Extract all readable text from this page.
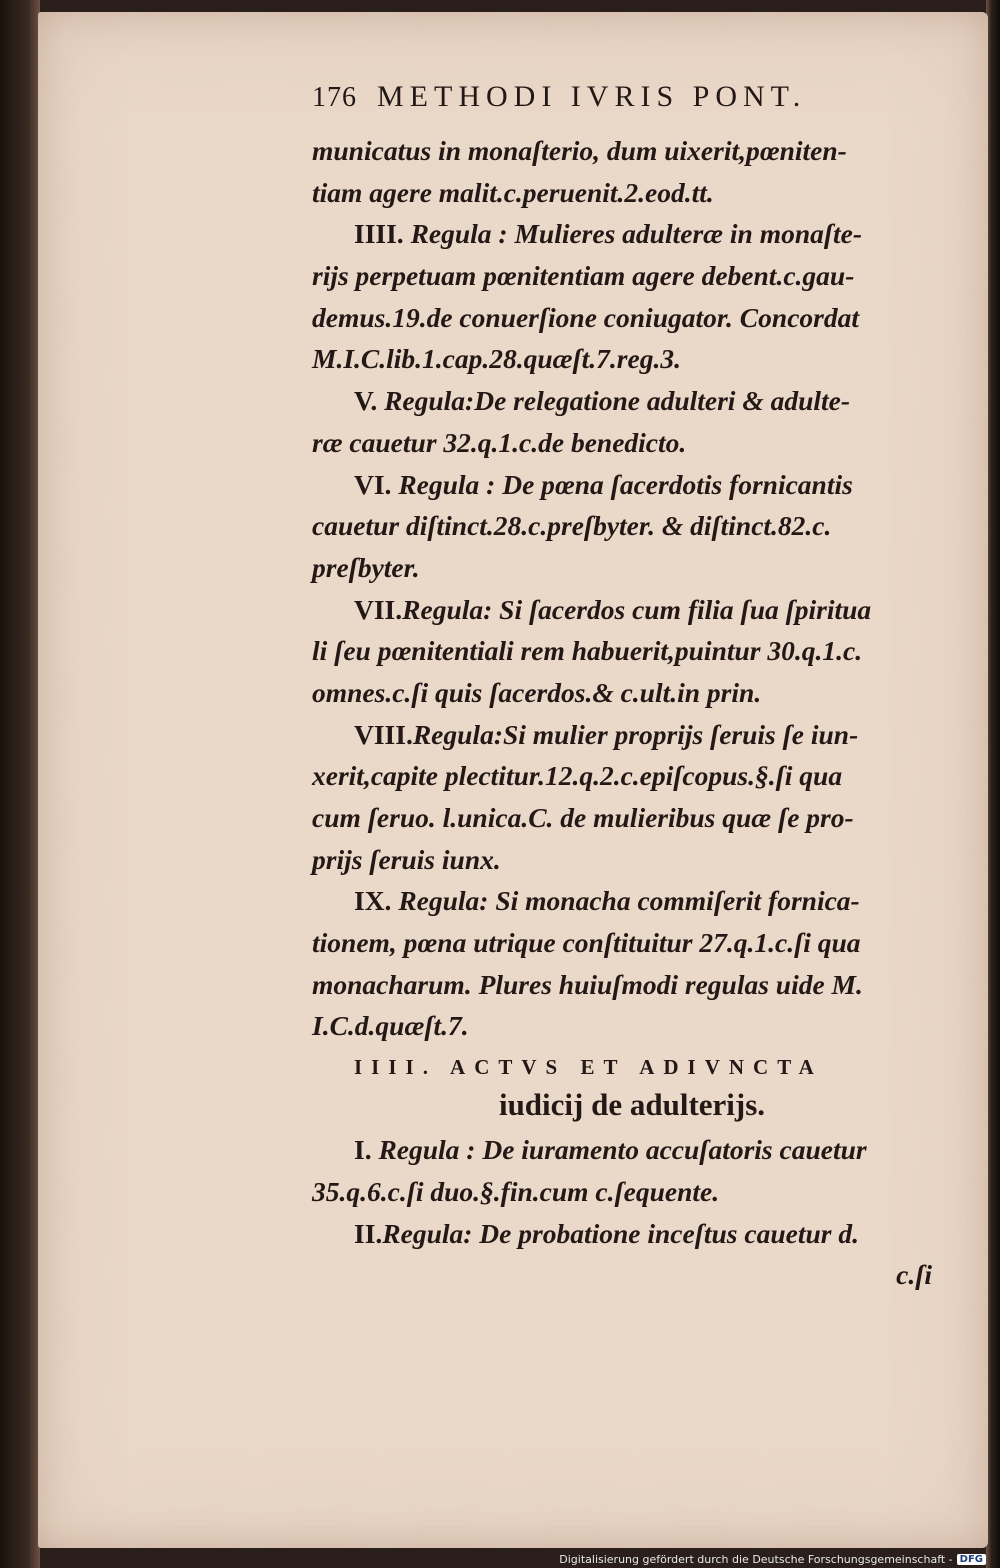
176 METHODI IVRIS PONT.
municatus in monaſterio, dum uixerit,pœniten-
tiam agere malit.c.peruenit.2.eod.tt.
IIII. Regula : Mulieres adulteræ in monaſte-
rijs perpetuam pœnitentiam agere debent.c.gau-
demus.19.de conuerſione coniugator. Concordat
M.I.C.lib.1.cap.28.quæſt.7.reg.3.
V. Regula:De relegatione adulteri & adulte-
ræ cauetur 32.q.1.c.de benedicto.
VI. Regula : De pœna ſacerdotis fornicantis
cauetur diſtinct.28.c.preſbyter. & diſtinct.82.c.
preſbyter.
VII.Regula: Si ſacerdos cum filia ſua ſpiritua
li ſeu pœnitentiali rem habuerit,puintur 30.q.1.c.
omnes.c.ſi quis ſacerdos.& c.ult.in prin.
VIII.Regula:Si mulier proprijs ſeruis ſe iun-
xerit,capite plectitur.12.q.2.c.epiſcopus.§.ſi qua
cum ſeruo. l.unica.C. de mulieribus quæ ſe pro-
prijs ſeruis iunx.
IX. Regula: Si monacha commiſerit fornica-
tionem, pœna utrique conſtituitur 27.q.1.c.ſi qua
monacharum. Plures huiuſmodi regulas uide M.
I.C.d.quæſt.7.
IIII. ACTVS ET ADIVNCTA
iudicij de adulterijs.
I. Regula : De iuramento accuſatoris cauetur
35.q.6.c.ſi duo.§.fin.cum c.ſequente.
II.Regula: De probatione inceſtus cauetur d.
c.ſi
Digitalisierung gefördert durch die Deutsche Forschungsgemeinschaft - DFG
